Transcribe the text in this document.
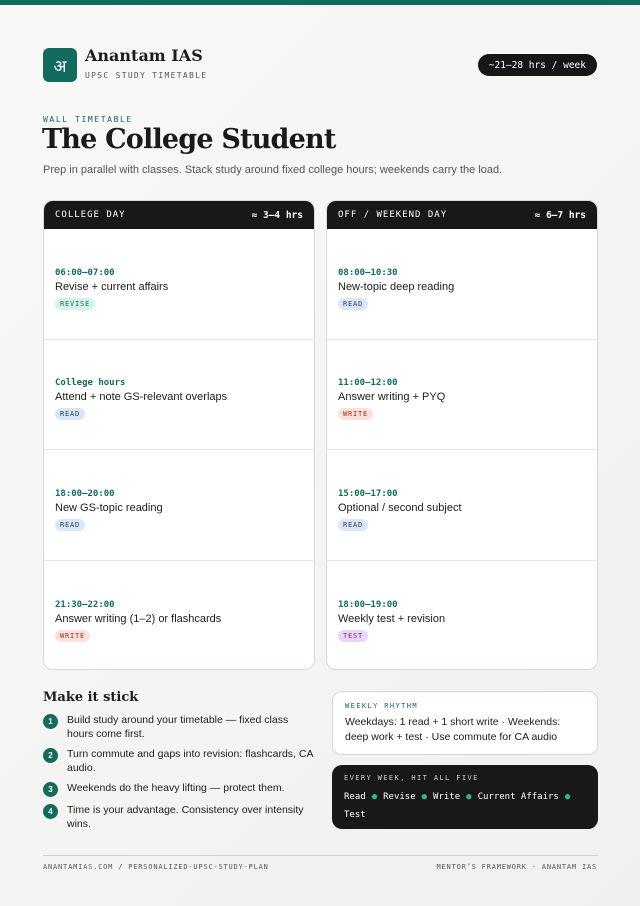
अ
Anantam IAS
UPSC STUDY TIMETABLE
~21–28 hrs / week
WALL TIMETABLE
The College Student

Prep in parallel with classes. Stack study around fixed college hours; weekends carry the load.

COLLEGE DAY	≈ 3–4 hrs
06:00–07:00
Revise + current affairs
REVISE
College hours
Attend + note GS-relevant overlaps
READ
18:00–20:00
New GS-topic reading
READ
21:30–22:00
Answer writing (1–2) or flashcards
WRITE
OFF / WEEKEND DAY	≈ 6–7 hrs
08:00–10:30
New-topic deep reading
READ
11:00–12:00
Answer writing + PYQ
WRITE
15:00–17:00
Optional / second subject
READ
18:00–19:00
Weekly test + revision
TEST
Make it stick
1	Build study around your timetable — fixed class hours come first.
2	Turn commute and gaps into revision: flashcards, CA audio.
3	Weekends do the heavy lifting — protect them.
4	Time is your advantage. Consistency over intensity wins.
WEEKLY RHYTHM
Weekdays: 1 read + 1 short write · Weekends: deep work + test · Use commute for CA audio
EVERY WEEK, HIT ALL FIVE
Read ● Revise ● Write ● Current Affairs ●
Test
ANANTAMIAS.COM / PERSONALIZED-UPSC-STUDY-PLAN	MENTOR’S FRAMEWORK · ANANTAM IAS
